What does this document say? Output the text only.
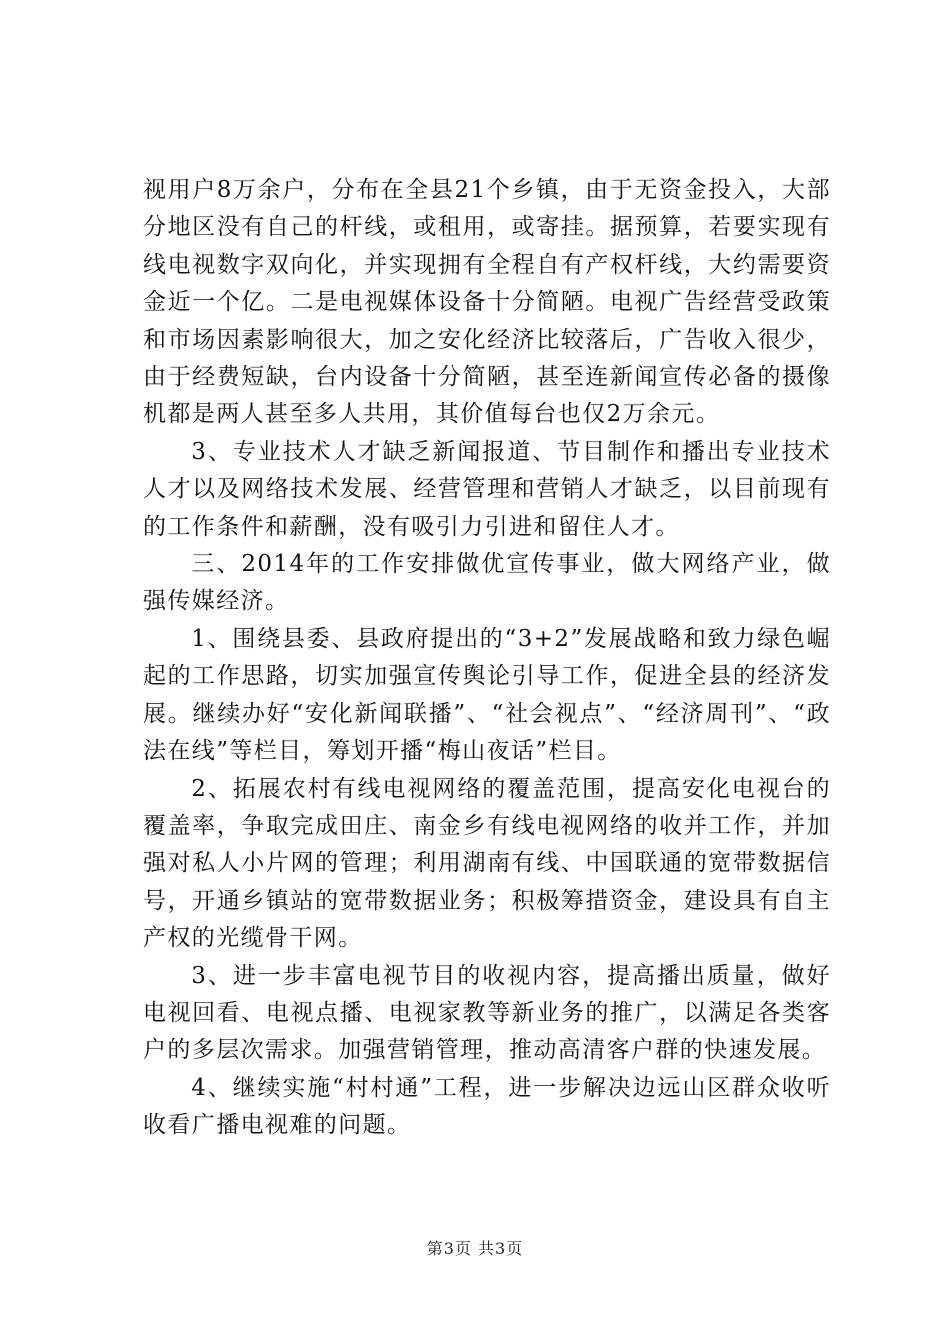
视用户8万余户，分布在全县21个乡镇，由于无资金投入，大部分地区没有自己的杆线，或租用，或寄挂。据预算，若要实现有线电视数字双向化，并实现拥有全程自有产权杆线，大约需要资金近一个亿。二是电视媒体设备十分简陋。电视广告经营受政策和市场因素影响很大，加之安化经济比较落后，广告收入很少，由于经费短缺，台内设备十分简陋，甚至连新闻宣传必备的摄像机都是两人甚至多人共用，其价值每台也仅2万余元。

3、专业技术人才缺乏新闻报道、节目制作和播出专业技术人才以及网络技术发展、经营管理和营销人才缺乏，以目前现有的工作条件和薪酬，没有吸引力引进和留住人才。

三、2014年的工作安排做优宣传事业，做大网络产业，做强传媒经济。

1、围绕县委、县政府提出的“3+2”发展战略和致力绿色崛起的工作思路，切实加强宣传舆论引导工作，促进全县的经济发展。继续办好“安化新闻联播”、“社会视点”、“经济周刊”、“政法在线”等栏目，筹划开播“梅山夜话”栏目。

2、拓展农村有线电视网络的覆盖范围，提高安化电视台的覆盖率，争取完成田庄、南金乡有线电视网络的收并工作，并加强对私人小片网的管理；利用湖南有线、中国联通的宽带数据信号，开通乡镇站的宽带数据业务；积极筹措资金，建设具有自主产权的光缆骨干网。

3、进一步丰富电视节目的收视内容，提高播出质量，做好电视回看、电视点播、电视家教等新业务的推广，以满足各类客户的多层次需求。加强营销管理，推动高清客户群的快速发展。

4、继续实施“村村通”工程，进一步解决边远山区群众收听收看广播电视难的问题。

第3页 共3页
